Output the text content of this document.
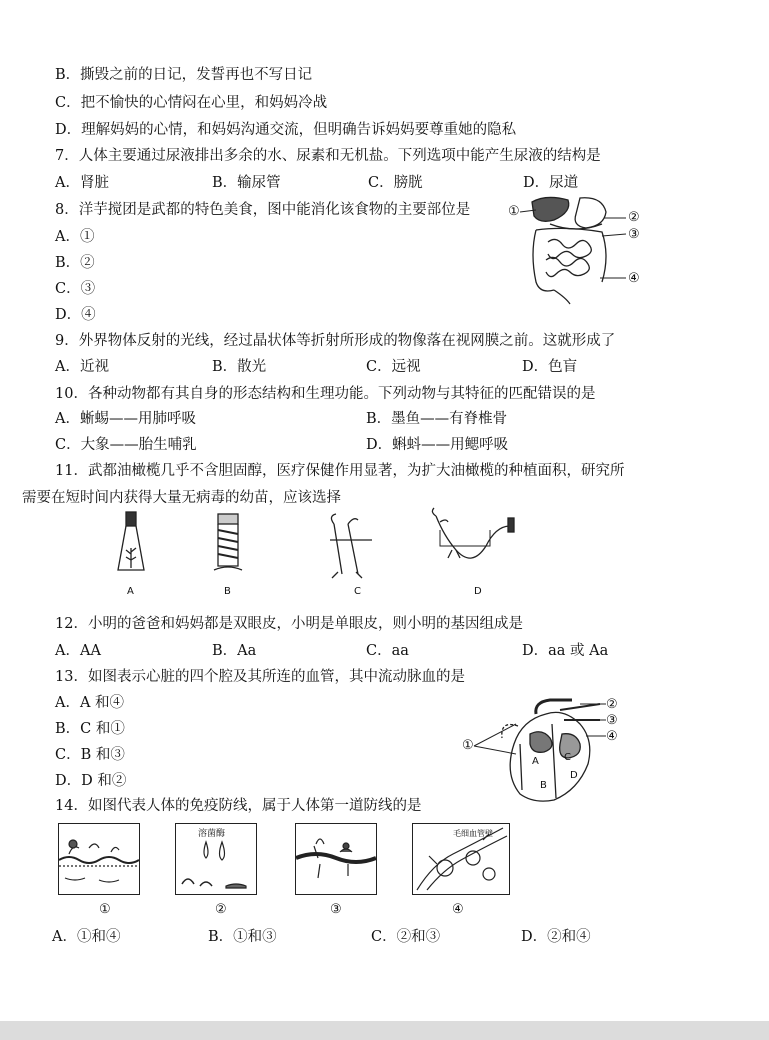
B．撕毁之前的日记，发誓再也不写日记
C．把不愉快的心情闷在心里，和妈妈冷战
D．理解妈妈的心情，和妈妈沟通交流，但明确告诉妈妈要尊重她的隐私
7．人体主要通过尿液排出多余的水、尿素和无机盐。下列选项中能产生尿液的结构是
A．肾脏	B．输尿管	C．膀胱	D．尿道
8．洋芋搅团是武都的特色美食，图中能消化该食物的主要部位是
A．①
B．②
C．③
D．④
①	②
③
④
9．外界物体反射的光线，经过晶状体等折射所形成的物像落在视网膜之前。这就形成了
A．近视	B．散光	C．远视	D．色盲
10．各种动物都有其自身的形态结构和生理功能。下列动物与其特征的匹配错误的是
A．蜥蜴——用肺呼吸	B．墨鱼——有脊椎骨
C．大象——胎生哺乳	D．蝌蚪——用鳃呼吸
11．武都油橄榄几乎不含胆固醇，医疗保健作用显著，为扩大油橄榄的种植面积，研究所
需要在短时间内获得大量无病毒的幼苗，应该选择
A	B	C	D
12．小明的爸爸和妈妈都是双眼皮，小明是单眼皮，则小明的基因组成是
A．AA	B．Aa	C．aa	D．aa 或 Aa
13．如图表示心脏的四个腔及其所连的血管，其中流动脉血的是
A．A 和④
B．C 和①
C．B 和③
D．D 和②
①
②
③
④
A
B
C
D
14．如图代表人体的免疫防线，属于人体第一道防线的是
溶菌酶	毛细血管壁
①	②	③	④
A．①和④	B．①和③	C．②和③	D．②和④
